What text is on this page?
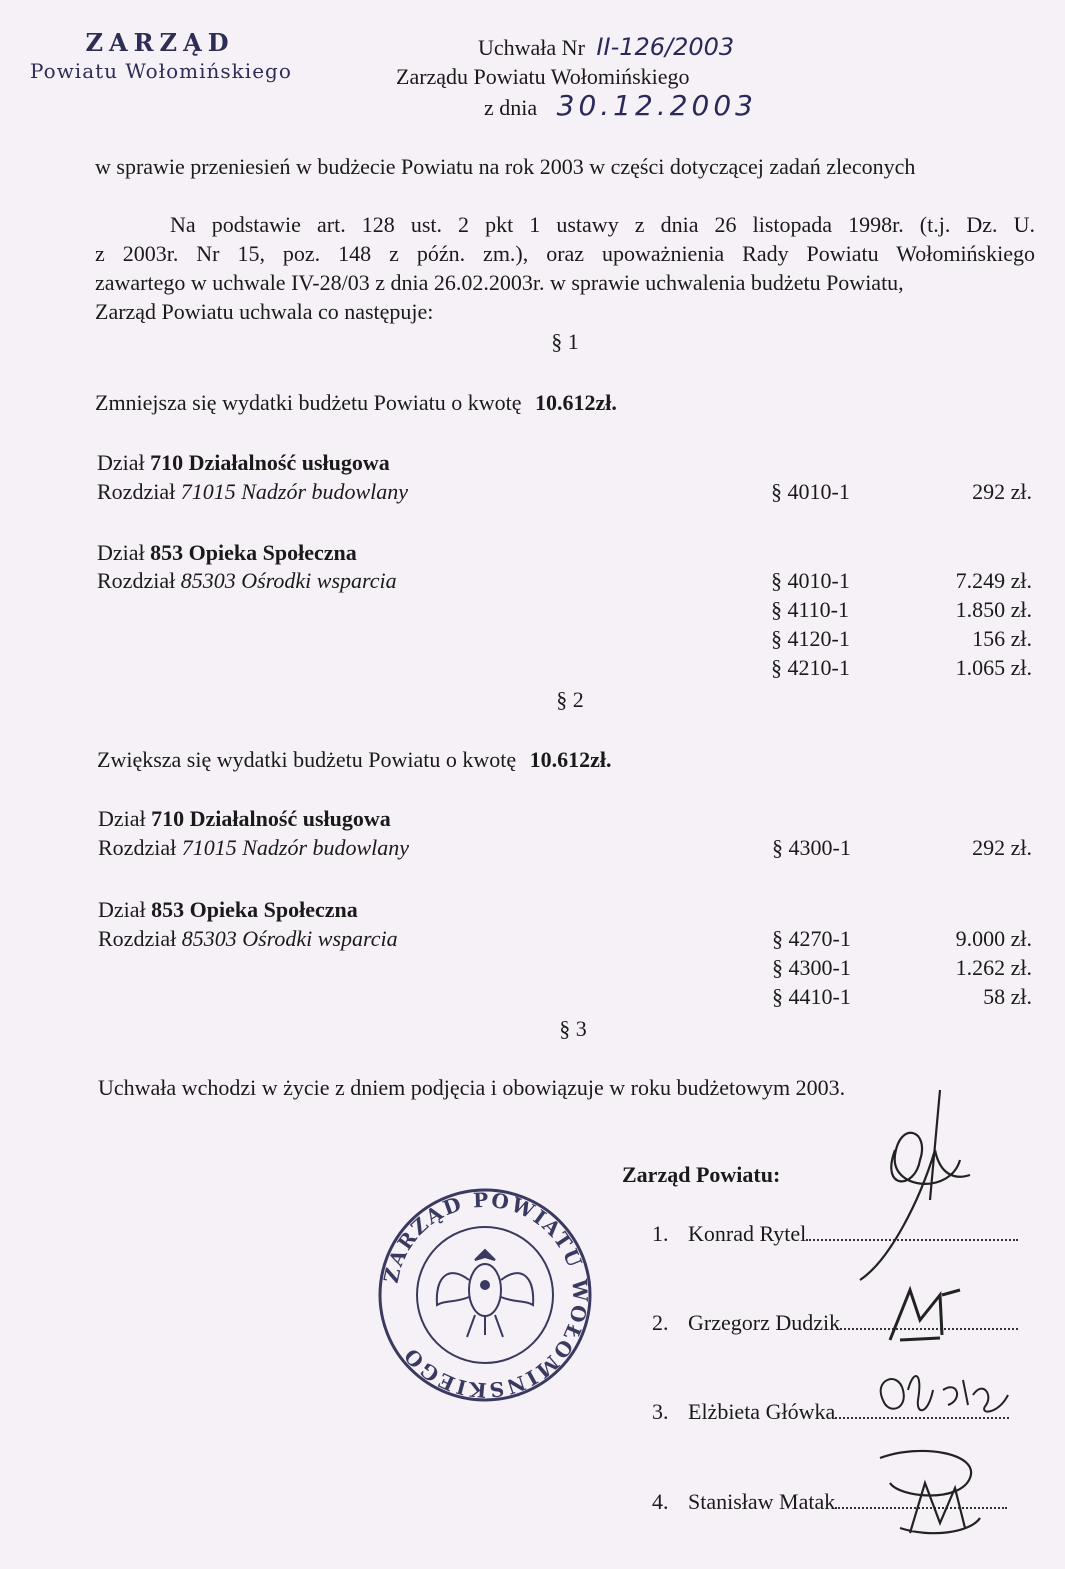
ZARZĄD
Powiatu Wołomińskiego
Uchwała Nr II-126/2003
Zarządu Powiatu Wołomińskiego
z dnia 30.12.2003
w sprawie przeniesień w budżecie Powiatu na rok 2003 w części dotyczącej zadań zleconych
Na podstawie art. 128 ust. 2 pkt 1 ustawy z dnia 26 listopada 1998r. (t.j. Dz. U.
z 2003r. Nr 15, poz. 148 z późn. zm.), oraz upoważnienia Rady Powiatu Wołomińskiego
zawartego w uchwale IV-28/03 z dnia 26.02.2003r. w sprawie uchwalenia budżetu Powiatu,
Zarząd Powiatu uchwala co następuje:
§ 1
Zmniejsza się wydatki budżetu Powiatu o kwotę 10.612zł.
Dział 710 Działalność usługowa
Rozdział 71015 Nadzór budowlany	§ 4010-1	292 zł.
Dział 853 Opieka Społeczna
Rozdział 85303 Ośrodki wsparcia	§ 4010-1	7.249 zł.
§ 4110-1	1.850 zł.
§ 4120-1	156 zł.
§ 4210-1	1.065 zł.
§ 2
Zwiększa się wydatki budżetu Powiatu o kwotę 10.612zł.
Dział 710 Działalność usługowa
Rozdział 71015 Nadzór budowlany	§ 4300-1	292 zł.
Dział 853 Opieka Społeczna
Rozdział 85303 Ośrodki wsparcia	§ 4270-1	9.000 zł.
§ 4300-1	1.262 zł.
§ 4410-1	58 zł.
§ 3
Uchwała wchodzi w życie z dniem podjęcia i obowiązuje w roku budżetowym 2003.
Zarząd Powiatu:
1. Konrad Rytel
2. Grzegorz Dudzik
3. Elżbieta Główka
4. Stanisław Matak
ZARZĄD POWIATU WOŁOMIŃSKIEGO
